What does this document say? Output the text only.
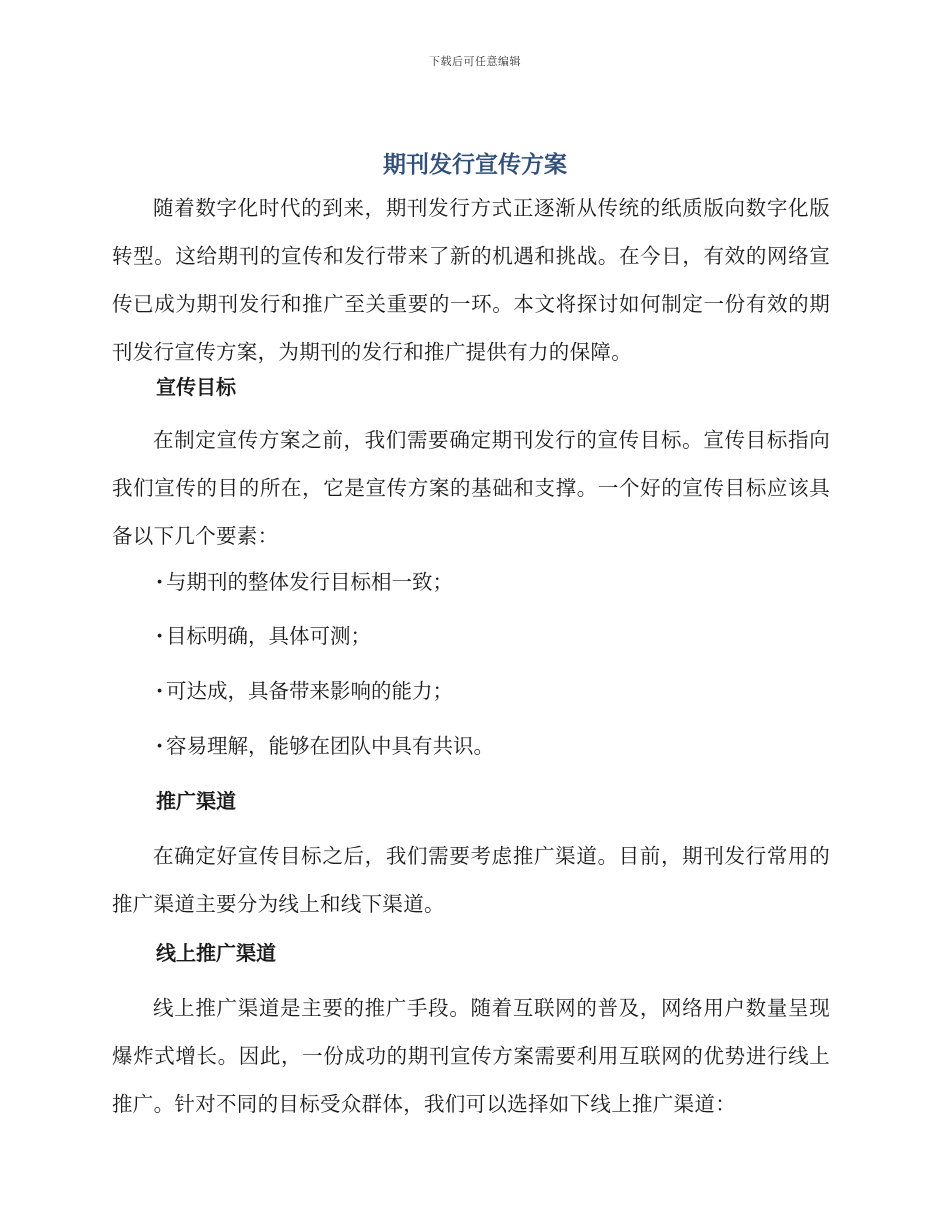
下载后可任意编辑
期刊发行宣传方案

随着数字化时代的到来，期刊发行方式正逐渐从传统的纸质版向数字化版转型。这给期刊的宣传和发行带来了新的机遇和挑战。在今日，有效的网络宣传已成为期刊发行和推广至关重要的一环。本文将探讨如何制定一份有效的期刊发行宣传方案，为期刊的发行和推广提供有力的保障。

宣传目标

在制定宣传方案之前，我们需要确定期刊发行的宣传目标。宣传目标指向我们宣传的目的所在，它是宣传方案的基础和支撑。一个好的宣传目标应该具备以下几个要素：

· 与期刊的整体发行目标相一致；

· 目标明确，具体可测；

· 可达成，具备带来影响的能力；

· 容易理解，能够在团队中具有共识。

推广渠道

在确定好宣传目标之后，我们需要考虑推广渠道。目前，期刊发行常用的推广渠道主要分为线上和线下渠道。

线上推广渠道

线上推广渠道是主要的推广手段。随着互联网的普及，网络用户数量呈现爆炸式增长。因此，一份成功的期刊宣传方案需要利用互联网的优势进行线上推广。针对不同的目标受众群体，我们可以选择如下线上推广渠道：
